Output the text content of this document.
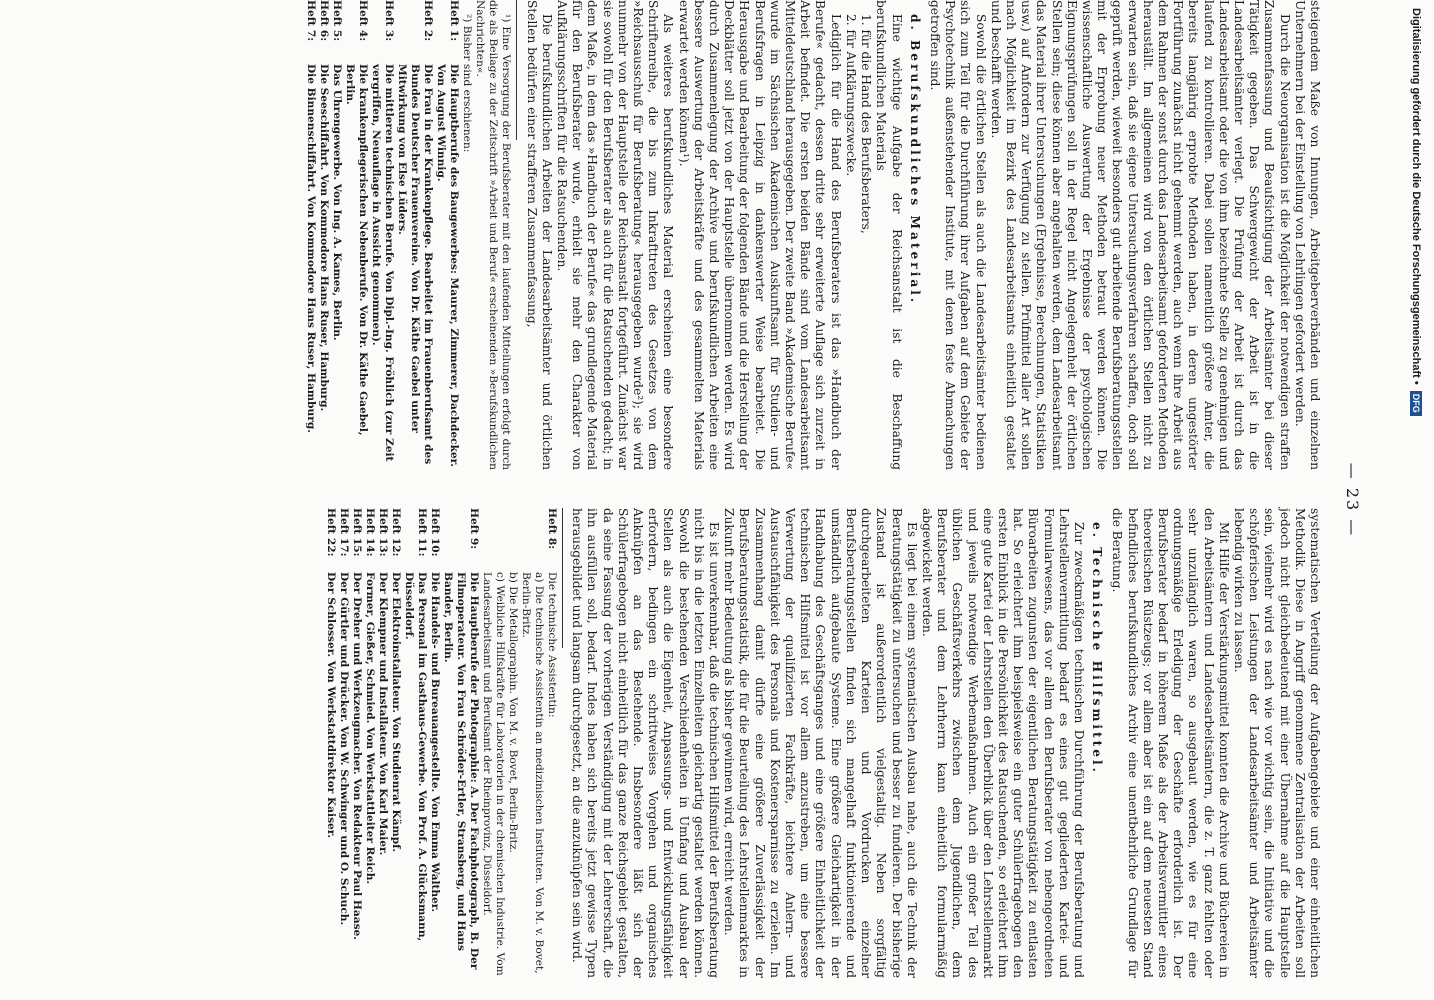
— 23 —

steigendem Maße von Innungen, Arbeitgeberverbänden und einzelnen Unternehmern bei der Einstellung von Lehrlingen gefordert werden.

Durch die Neuorganisation ist die Möglichkeit der notwendigen straffen Zusammenfassung und Beaufsichtigung der Arbeitsämter bei dieser Tätigkeit gegeben. Das Schwergewicht der Arbeit ist in die Landesarbeitsämter verlegt. Die Prüfung der Arbeit ist durch das Landesarbeitsamt oder die von ihm bezeichnete Stelle zu genehmigen und laufend zu kontrollieren. Dabei sollen namentlich größere Ämter, die bereits langjährig erprobte Methoden haben, in deren ungestörter Fortführung zunächst nicht gehemmt werden, auch wenn ihre Arbeit aus dem Rahmen der sonst durch das Landesarbeitsamt geforderten Methoden herauställt. Im allgemeinen wird von den örtlichen Stellen nicht zu erwarten sein, daß sie eigene Untersuchungsverfahren schaffen, doch soll geprüft werden, wieweit besonders gut arbeitende Berufsberatungsstellen mit der Erprobung neuer Methoden betraut werden können. Die wissenschaftliche Auswertung der Ergebnisse der psychologischen Eignungsprüfungen soll in der Regel nicht Angelegenheit der örtlichen Stellen sein; diese können aber angehalten werden, dem Landesarbeitsamt das Material ihrer Untersuchungen (Ergebnisse, Berechnungen, Statistiken usw.) auf Anfordern zur Verfügung zu stellen. Prüfmittel aller Art sollen nach Möglichkeit im Bezirk des Landesarbeitsamts einheitlich gestaltet und beschafft werden.

Sowohl die örtlichen Stellen als auch die Landesarbeitsämter bedienen sich zum Teil für die Durchführung ihrer Aufgaben auf dem Gebiete der Psychotechnik außenstehender Institute, mit denen feste Abmachungen getroffen sind.

d. Berufskundliches Material.

Eine wichtige Aufgabe der Reichsanstalt ist die Beschaffung berufskundlichen Materials

1. für die Hand des Berufsberaters,

2. für Aufklärungszwecke.

Lediglich für die Hand des Berufsberaters ist das »Handbuch der Berufe« gedacht, dessen dritte sehr erweiterte Auflage sich zurzeit in Arbeit befindet. Die ersten beiden Bände sind vom Landesarbeitsamt Mitteldeutschland herausgegeben. Der zweite Band »Akademische Berufe« wurde im Sächsischen Akademischen Auskunftsamt für Studien- und Berufsfragen in Leipzig in dankenswerter Weise bearbeitet. Die Herausgabe und Bearbeitung der folgenden Bände und die Herstellung der Deckblätter soll jetzt von der Hauptstelle übernommen werden. Es wird durch Zusammenlegung der Archive und berufskundlichen Arbeiten eine bessere Auswertung der Arbeitskräfte und des gesammelten Materials erwartet werden können¹).

Als weiteres berufskundliches Material erscheinen eine besondere Schriftenreihe, die bis zum Inkrafttreten des Gesetzes von dem »Reichsausschuß für Berufsberatung« herausgegeben wurde²); sie wird nunmehr von der Hauptstelle der Reichsanstalt fortgeführt. Zunächst war sie sowohl für den Berufsberater als auch für die Ratsuchenden gedacht; in dem Maße, in dem das »Handbuch der Berufe« das grundlegende Material für den Berufsberater wurde, erhielt sie mehr den Charakter von Aufklärungsschriften für die Ratsuchenden.

Die berufskundlichen Arbeiten der Landesarbeitsämter und örtlichen Stellen bedürfen einer strafferen Zusammenfassung,

¹) Eine Versorgung der Berufsberater mit den laufenden Mitteilungen erfolgt durch die als Beilage zu der Zeitschrift »Arbeit und Beruf« erscheinenden »Berufskundlichen Nachrichten«.

²) Bisher sind erschienen:

Heft 1:
Die Hauptberufe des Baugewerbes: Maurer, Zimmerer, Dachdecker. Von August Winnig.
Heft 2:
Die Frau in der Krankenpflege. Bearbeitet im Frauenberufsamt des Bundes Deutscher Frauenvereine. Von Dr. Käthe Gaebel unter Mitwirkung von Else Lüders.
Heft 3:
Die mittleren technischen Berufe. Von Dipl.-Ing. Fröhlich (zur Zeit vergriffen, Neuauflage in Aussicht genommen).
Heft 4:
Die krankenpflegerischen Nebenberufe. Von Dr. Käthe Gaebel, Berlin.
Heft 5:
Das Uhrengewerbe. Von Ing. A. Kames, Berlin.
Heft 6:
Die Seeschiffahrt. Von Kommodore Hans Ruser, Hamburg.
Heft 7:
Die Binnenschiffahrt. Von Kommodore Hans Ruser, Hamburg.

systematischen Verteilung der Aufgabengebiete und einer einheitlichen Methodik. Diese in Angriff genommene Zentralisation der Arbeiten soll jedoch nicht gleichbedeutend mit einer Übernahme auf die Hauptstelle sein, vielmehr wird es nach wie vor wichtig sein, die Initiative und die schöpferischen Leistungen der Landesarbeitsämter und Arbeitsämter lebendig wirken zu lassen.

Mit Hilfe der Verstärkungsmittel konnten die Archive und Büchereien in den Arbeitsämtern und Landesarbeitsämtern, die z. T. ganz fehlten oder sehr unzulänglich waren, so ausgebaut werden, wie es für eine ordnungsmäßige Erledigung der Geschäfte erforderlich ist. Der Berufsberater bedarf in höherem Maße als der Arbeitsvermittler eines theoretischen Rüstzeugs; vor allem aber ist ein auf dem neuesten Stand befindliches berufskundliches Archiv eine unentbehrliche Grundlage für die Beratung.

e. Technische Hilfsmittel.

Zur zweckmäßigen technischen Durchführung der Berufsberatung und Lehrstellenvermittlung bedarf es eines gut gegliederten Kartei- und Formularwesens, das vor allem den Berufsberater von nebengeordneten Büroarbeiten zugunsten der eigentlichen Beratungstätigkeit zu entlasten hat. So erleichtert ihm beispielsweise ein guter Schülerfragebogen den ersten Einblick in die Persönlichkeit des Ratsuchenden, so erleichtert ihm eine gute Kartei der Lehrstellen den Überblick über den Lehrstellenmarkt und jeweils notwendige Werbemaßnahmen. Auch ein großer Teil des üblichen Geschäftsverkehrs zwischen dem Jugendlichen, dem Berufsberater und dem Lehrherrn kann einheitlich formularmäßig abgewickelt werden.

Es liegt bei einem systematischen Ausbau nahe, auch die Technik der Beratungstätigkeit zu untersuchen und besser zu fundieren. Der bisherige Zustand ist außerordentlich vielgestaltig. Neben sorgfältig durchgearbeiteten Karteien und Vordrucken einzelner Berufsberatungsstellen finden sich mangelhaft funktionierende und umständlich aufgebaute Systeme. Eine größere Gleichartigkeit in der Handhabung des Geschäftsganges und eine größere Einheitlichkeit der technischen Hilfsmittel ist vor allem anzustreben, um eine bessere Verwertung der qualifizierten Fachkräfte, leichtere Anlern- und Austauschfähigkeit des Personals und Kostenersparnisse zu erzielen. Im Zusammenhang damit dürfte eine größere Zuverlässigkeit der Berufsberatungsstatistik, die für die Beurteilung des Lehrstellenmarktes in Zukunft mehr Bedeutung als bisher gewinnen wird, erreicht werden.

Es ist unverkennbar, daß die technischen Hilfsmittel der Berufsberatung nicht bis in die letzten Einzelheiten gleichartig gestaltet werden können. Sowohl die bestehenden Verschiedenheiten in Umfang und Ausbau der Stellen als auch die Eigenheit, Anpassungs- und Entwicklungsfähigkeit erfordern, bedingen ein schrittweises Vorgehen und organisches Anknüpfen an das Bestehende. Insbesondere läßt sich der Schülerfragebogen nicht einheitlich für das ganze Reichsgebiet gestalten, da seine Fassung der vorherigen Verständigung mit der Lehrerschaft, die ihn ausfüllen soll, bedarf. Indes haben sich bereits jetzt gewisse Typen herausgebildet und langsam durchgesetzt, an die anzuknüpfen sein wird.

Heft 8:
Die technische Assistentin:
a) Die technische Assistentin an medizinischen Instituten. Von M. v. Bovet, Berlin-Britz.
b) Die Metallographin. Von M. v. Bovet, Berlin-Britz.
c) Weibliche Hilfskräfte für Laboratorien in der chemischen Industrie. Vom Landesarbeitsamt und Berufsamt der Rheinprovinz, Düsseldorf.
Heft 9:
Die Hauptberufe der Photographie: A. Der Fachphotograph, B. Der Filmoperateur. Von Frau Schröder-Ertler, Stransberg, und Hans Bander, Berlin.
Heft 10:
Die Handels- und Bureauangestellte. Von Emma Walther.
Heft 11:
Das Personal im Gasthaus-Gewerbe. Von Prof. A. Glücksmann, Düsseldorf.
Heft 12:
Der Elektroinstallateur. Von Studienrat Kämpf.
Heft 13:
Der Klempner und Installateur. Von Karl Maier.
Heft 14:
Former, Gießer, Schmied. Von Werkstattleiter Reich.
Heft 15:
Der Dreher und Werkzeugmacher. Von Redakteur Paul Haase.
Heft 17:
Der Gürtler und Drücker. Von W. Schwinger und O. Schuch.
Heft 22:
Der Schlosser. Von Werkstattdirektor Kaiser.
Digitalisierung gefördert durch die Deutsche Forschungsgemeinschaft •
DFG
